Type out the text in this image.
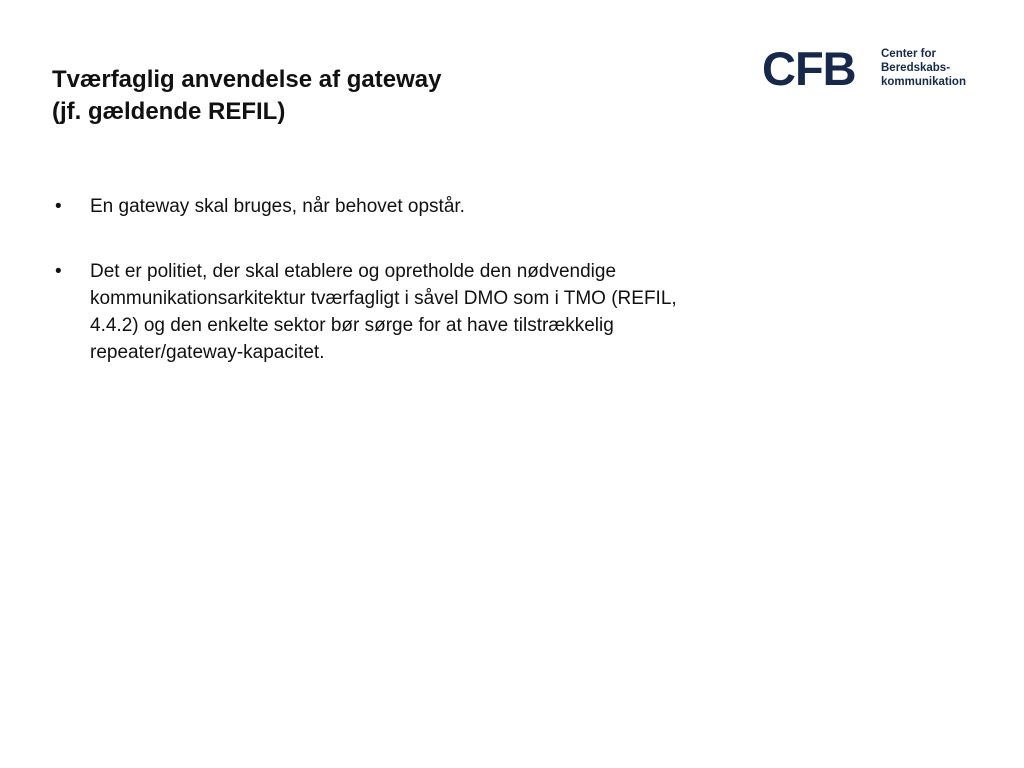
Tværfaglig anvendelse af gateway
(jf. gældende REFIL)
CFB Center for
Beredskabs-
kommunikation
• En gateway skal bruges, når behovet opstår.
• Det er politiet, der skal etablere og opretholde den nødvendige
kommunikationsarkitektur tværfagligt i såvel DMO som i TMO (REFIL,
4.4.2) og den enkelte sektor bør sørge for at have tilstrækkelig
repeater/gateway-kapacitet.
